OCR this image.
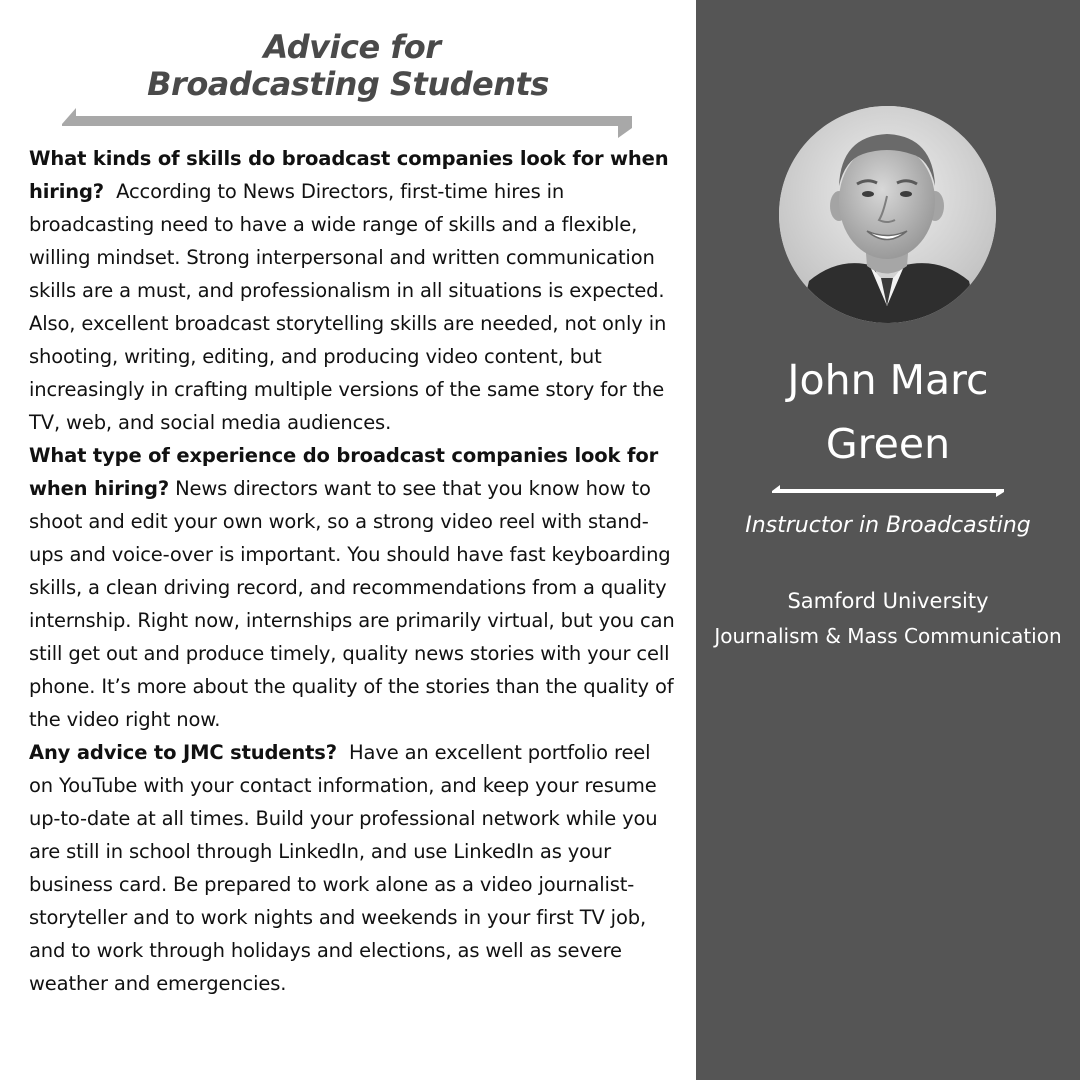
Advice for
Broadcasting Students

What kinds of skills do broadcast companies look for when hiring? According to News Directors, first-time hires in broadcasting need to have a wide range of skills and a flexible, willing mindset. Strong interpersonal and written communication skills are a must, and professionalism in all situations is expected. Also, excellent broadcast storytelling skills are needed, not only in shooting, writing, editing, and producing video content, but increasingly in crafting multiple versions of the same story for the TV, web, and social media audiences.

What type of experience do broadcast companies look for when hiring? News directors want to see that you know how to shoot and edit your own work, so a strong video reel with stand-ups and voice-over is important. You should have fast keyboarding skills, a clean driving record, and recommendations from a quality internship. Right now, internships are primarily virtual, but you can still get out and produce timely, quality news stories with your cell phone. It’s more about the quality of the stories than the quality of the video right now.

Any advice to JMC students? Have an excellent portfolio reel on YouTube with your contact information, and keep your resume up-to-date at all times. Build your professional network while you are still in school through LinkedIn, and use LinkedIn as your business card. Be prepared to work alone as a video journalist-storyteller and to work nights and weekends in your first TV job, and to work through holidays and elections, as well as severe weather and emergencies.

John Marc
Green
Instructor in Broadcasting
Samford University
Journalism & Mass Communication
